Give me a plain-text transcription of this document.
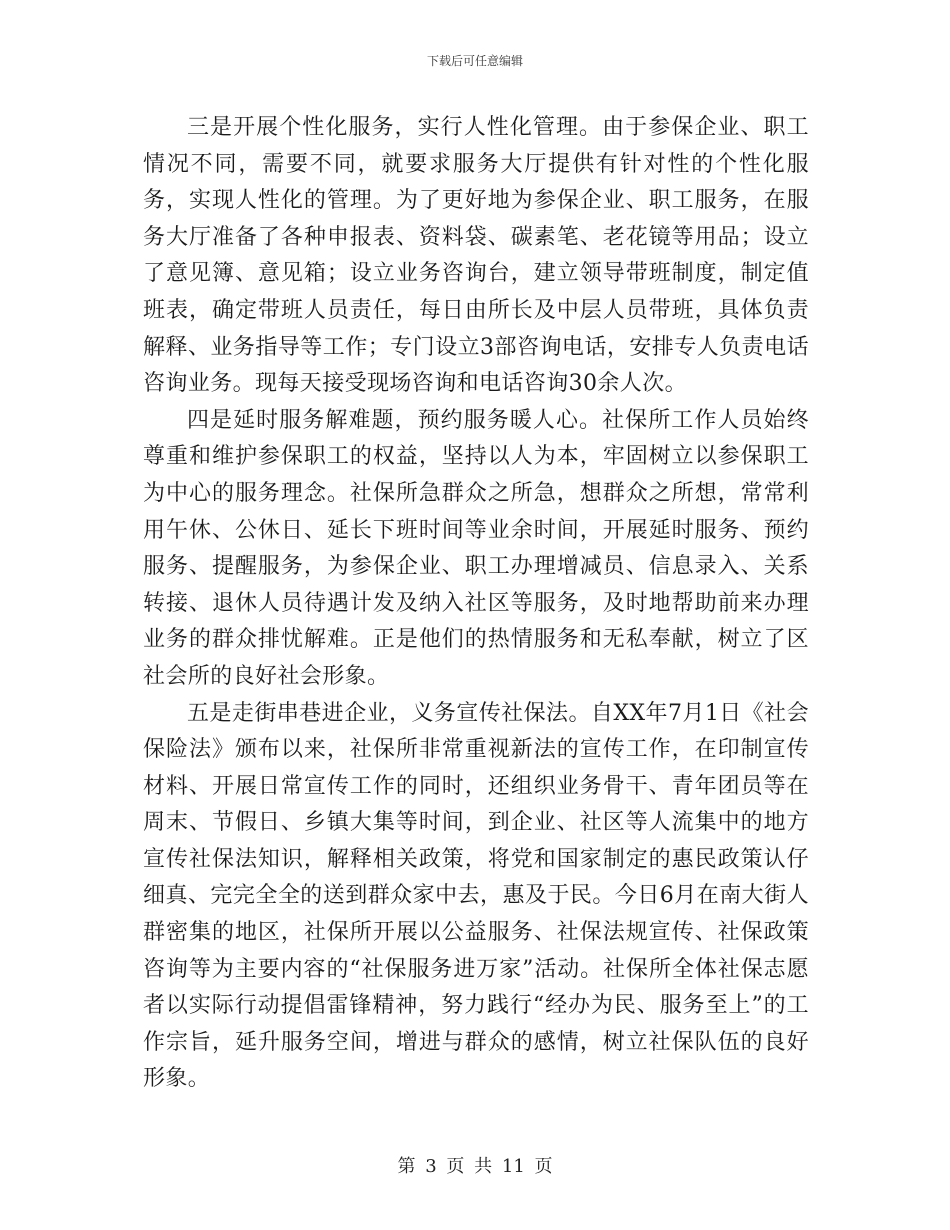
下载后可任意编辑

三是开展个性化服务，实行人性化管理。由于参保企业、职工情况不同，需要不同，就要求服务大厅提供有针对性的个性化服务，实现人性化的管理。为了更好地为参保企业、职工服务，在服务大厅准备了各种申报表、资料袋、碳素笔、老花镜等用品；设立了意见簿、意见箱；设立业务咨询台，建立领导带班制度，制定值班表，确定带班人员责任，每日由所长及中层人员带班，具体负责解释、业务指导等工作；专门设立3部咨询电话，安排专人负责电话咨询业务。现每天接受现场咨询和电话咨询30余人次。

四是延时服务解难题，预约服务暖人心。社保所工作人员始终尊重和维护参保职工的权益，坚持以人为本，牢固树立以参保职工为中心的服务理念。社保所急群众之所急，想群众之所想，常常利用午休、公休日、延长下班时间等业余时间，开展延时服务、预约服务、提醒服务，为参保企业、职工办理增减员、信息录入、关系转接、退休人员待遇计发及纳入社区等服务，及时地帮助前来办理业务的群众排忧解难。正是他们的热情服务和无私奉献，树立了区社会所的良好社会形象。

五是走街串巷进企业，义务宣传社保法。自XX年7月1日《社会保险法》颁布以来，社保所非常重视新法的宣传工作，在印制宣传材料、开展日常宣传工作的同时，还组织业务骨干、青年团员等在周末、节假日、乡镇大集等时间，到企业、社区等人流集中的地方宣传社保法知识，解释相关政策，将党和国家制定的惠民政策认仔细真、完完全全的送到群众家中去，惠及于民。今日6月在南大街人群密集的地区，社保所开展以公益服务、社保法规宣传、社保政策咨询等为主要内容的“社保服务进万家”活动。社保所全体社保志愿者以实际行动提倡雷锋精神，努力践行“经办为民、服务至上”的工作宗旨，延升服务空间，增进与群众的感情，树立社保队伍的良好形象。

第 3 页 共 11 页
